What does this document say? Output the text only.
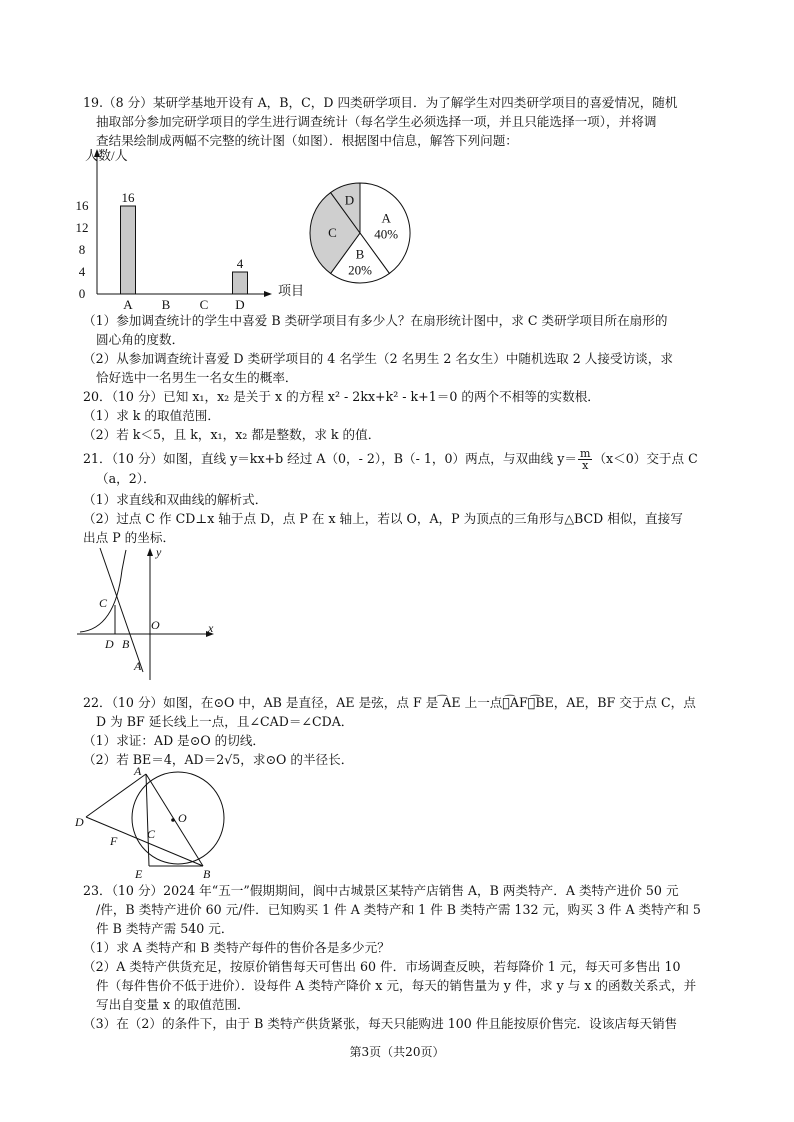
19.（8 分）某研学基地开设有 A，B，C，D 四类研学项目．为了解学生对四类研学项目的喜爱情况，随机
抽取部分参加完研学项目的学生进行调查统计（每名学生必须选择一项，并且只能选择一项），并将调
查结果绘制成两幅不完整的统计图（如图）．根据图中信息，解答下列问题：
人数/人
项目
0
4
8
12
16
A B C D
16
4
A
40%
B
20%
C
D
（1）参加调查统计的学生中喜爱 B 类研学项目有多少人？在扇形统计图中，求 C 类研学项目所在扇形的
圆心角的度数．
（2）从参加调查统计喜爱 D 类研学项目的 4 名学生（2 名男生 2 名女生）中随机选取 2 人接受访谈，求
恰好选中一名男生一名女生的概率．
20．（10 分）已知 x₁，x₂ 是关于 x 的方程 x² - 2kx+k² - k+1＝0 的两个不相等的实数根．
（1）求 k 的取值范围．
（2）若 k＜5，且 k，x₁，x₂ 都是整数，求 k 的值．
21．（10 分）如图，直线 y＝kx+b 经过 A（0，- 2），B（- 1，0）两点，与双曲线 $y= \frac{m}{x} (x<0)$交于点 C
（a，2）．
（1）求直线和双曲线的解析式．
（2）过点 C 作 CD⊥x 轴于点 D，点 P 在 x 轴上，若以 O，A，P 为顶点的三角形与△BCD 相似，直接写
出点 P 的坐标．
y
x
C
O
D B
A
22．（10 分）如图，在⊙O 中，AB 是直径，AE 是弦，点 F 是 ͡AE 上一点，͡AF＝͡BE，AE，BF 交于点 C，点
D 为 BF 延长线上一点，且∠CAD＝∠CDA．
（1）求证：AD 是⊙O 的切线．
（2）若 BE＝4，AD＝2√5，求⊙O 的半径长．
A
O
D
C
F
E	B
23．（10 分）2024 年“五一”假期期间，阆中古城景区某特产店销售 A，B 两类特产．A 类特产进价 50 元
/件，B 类特产进价 60 元/件．已知购买 1 件 A 类特产和 1 件 B 类特产需 132 元，购买 3 件 A 类特产和 5
件 B 类特产需 540 元．
（1）求 A 类特产和 B 类特产每件的售价各是多少元？
（2）A 类特产供货充足，按原价销售每天可售出 60 件．市场调查反映，若每降价 1 元，每天可多售出 10
件（每件售价不低于进价）．设每件 A 类特产降价 x 元，每天的销售量为 y 件，求 y 与 x 的函数关系式，并
写出自变量 x 的取值范围．
（3）在（2）的条件下，由于 B 类特产供货紧张，每天只能购进 100 件且能按原价售完．设该店每天销售
第3页（共20页）
